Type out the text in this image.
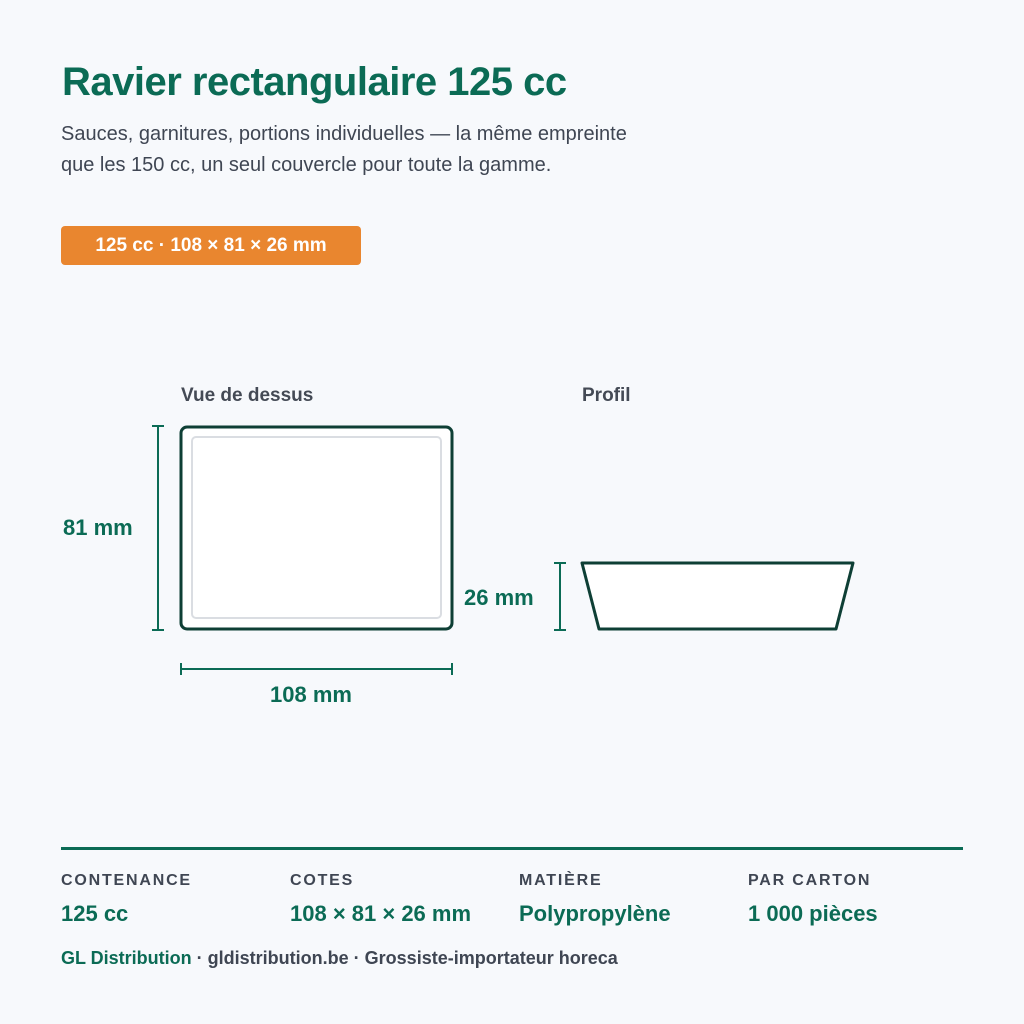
Ravier rectangulaire 125 cc

Sauces, garnitures, portions individuelles — la même empreinte que les 150 cc, un seul couvercle pour toute la gamme.

125 cc · 108 × 81 × 26 mm
Vue de dessus	Profil
81 mm
108 mm
26 mm
CONTENANCE
125 cc
COTES
108 × 81 × 26 mm
MATIÈRE
Polypropylène
PAR CARTON
1 000 pièces
GL Distribution · gldistribution.be · Grossiste-importateur horeca
